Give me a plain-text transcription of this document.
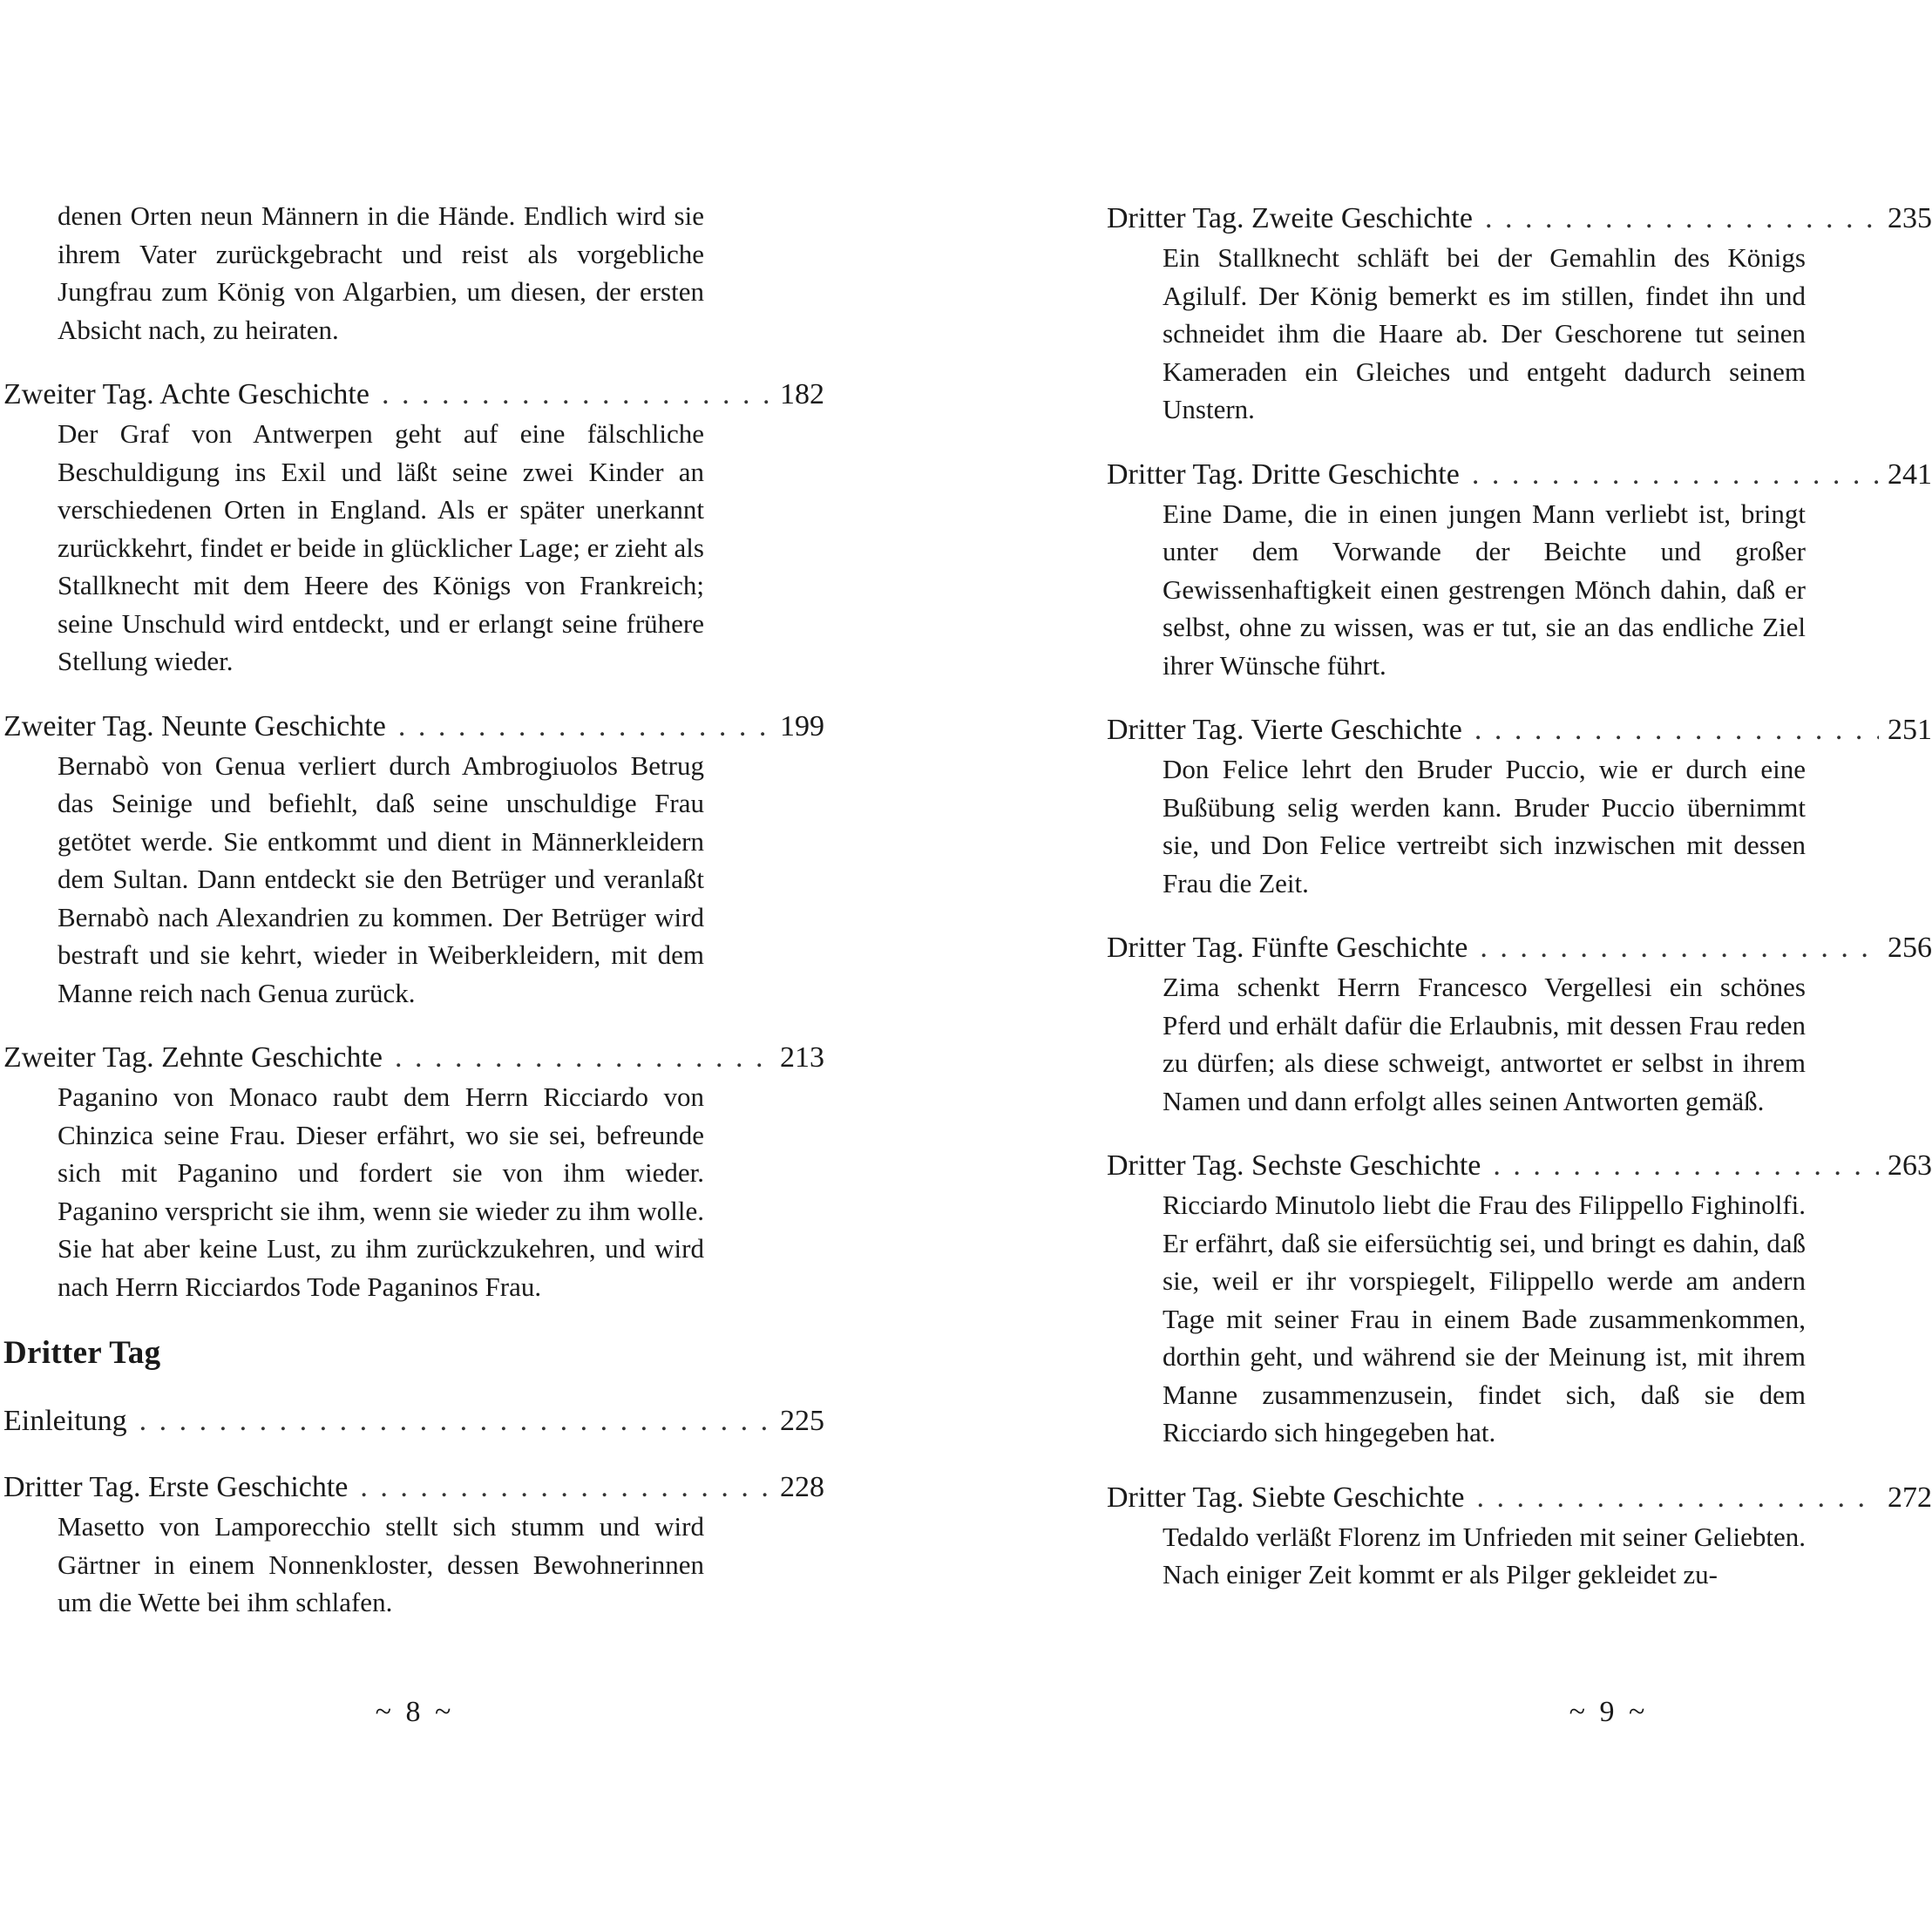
denen Orten neun Männern in die Hände. Endlich wird sie ihrem Vater zurückgebracht und reist als vorgebliche Jungfrau zum König von Algarbien, um diesen, der ersten Absicht nach, zu heiraten.
Zweiter Tag. Achte Geschichte . . .	182
Der Graf von Antwerpen geht auf eine fälschliche Beschuldigung ins Exil und läßt seine zwei Kinder an verschiedenen Orten in England. Als er später unerkannt zurückkehrt, findet er beide in glücklicher Lage; er zieht als Stallknecht mit dem Heere des Königs von Frankreich; seine Unschuld wird entdeckt, und er erlangt seine frühere Stellung wieder.
Zweiter Tag. Neunte Geschichte . . .	199
Bernabò von Genua verliert durch Ambrogiuolos Betrug das Seinige und befiehlt, daß seine unschuldige Frau getötet werde. Sie entkommt und dient in Männerkleidern dem Sultan. Dann entdeckt sie den Betrüger und veranlaßt Bernabò nach Alexandrien zu kommen. Der Betrüger wird bestraft und sie kehrt, wieder in Weiberkleidern, mit dem Manne reich nach Genua zurück.
Zweiter Tag. Zehnte Geschichte . . .	213
Paganino von Monaco raubt dem Herrn Ricciardo von Chinzica seine Frau. Dieser erfährt, wo sie sei, befreunde sich mit Paganino und fordert sie von ihm wieder. Paganino verspricht sie ihm, wenn sie wieder zu ihm wolle. Sie hat aber keine Lust, zu ihm zurückzukehren, und wird nach Herrn Ricciardos Tode Paganinos Frau.
Dritter Tag
Einleitung . . .	225
Dritter Tag. Erste Geschichte . . .	228
Masetto von Lamporecchio stellt sich stumm und wird Gärtner in einem Nonnenkloster, dessen Bewohnerinnen um die Wette bei ihm schlafen.
~ 8 ~
Dritter Tag. Zweite Geschichte . . .	235
Ein Stallknecht schläft bei der Gemahlin des Königs Agilulf. Der König bemerkt es im stillen, findet ihn und schneidet ihm die Haare ab. Der Geschorene tut seinen Kameraden ein Gleiches und entgeht dadurch seinem Unstern.
Dritter Tag. Dritte Geschichte . . .	241
Eine Dame, die in einen jungen Mann verliebt ist, bringt unter dem Vorwande der Beichte und großer Gewissenhaftigkeit einen gestrengen Mönch dahin, daß er selbst, ohne zu wissen, was er tut, sie an das endliche Ziel ihrer Wünsche führt.
Dritter Tag. Vierte Geschichte . . .	251
Don Felice lehrt den Bruder Puccio, wie er durch eine Bußübung selig werden kann. Bruder Puccio übernimmt sie, und Don Felice vertreibt sich inzwischen mit dessen Frau die Zeit.
Dritter Tag. Fünfte Geschichte . . .	256
Zima schenkt Herrn Francesco Vergellesi ein schönes Pferd und erhält dafür die Erlaubnis, mit dessen Frau reden zu dürfen; als diese schweigt, antwortet er selbst in ihrem Namen und dann erfolgt alles seinen Antworten gemäß.
Dritter Tag. Sechste Geschichte . . .	263
Ricciardo Minutolo liebt die Frau des Filippello Fighinolfi. Er erfährt, daß sie eifersüchtig sei, und bringt es dahin, daß sie, weil er ihr vorspiegelt, Filippello werde am andern Tage mit seiner Frau in einem Bade zusammenkommen, dorthin geht, und während sie der Meinung ist, mit ihrem Manne zusammenzusein, findet sich, daß sie dem Ricciardo sich hingegeben hat.
Dritter Tag. Siebte Geschichte . . .	272
Tedaldo verläßt Florenz im Unfrieden mit seiner Geliebten. Nach einiger Zeit kommt er als Pilger gekleidet zu-
~ 9 ~
